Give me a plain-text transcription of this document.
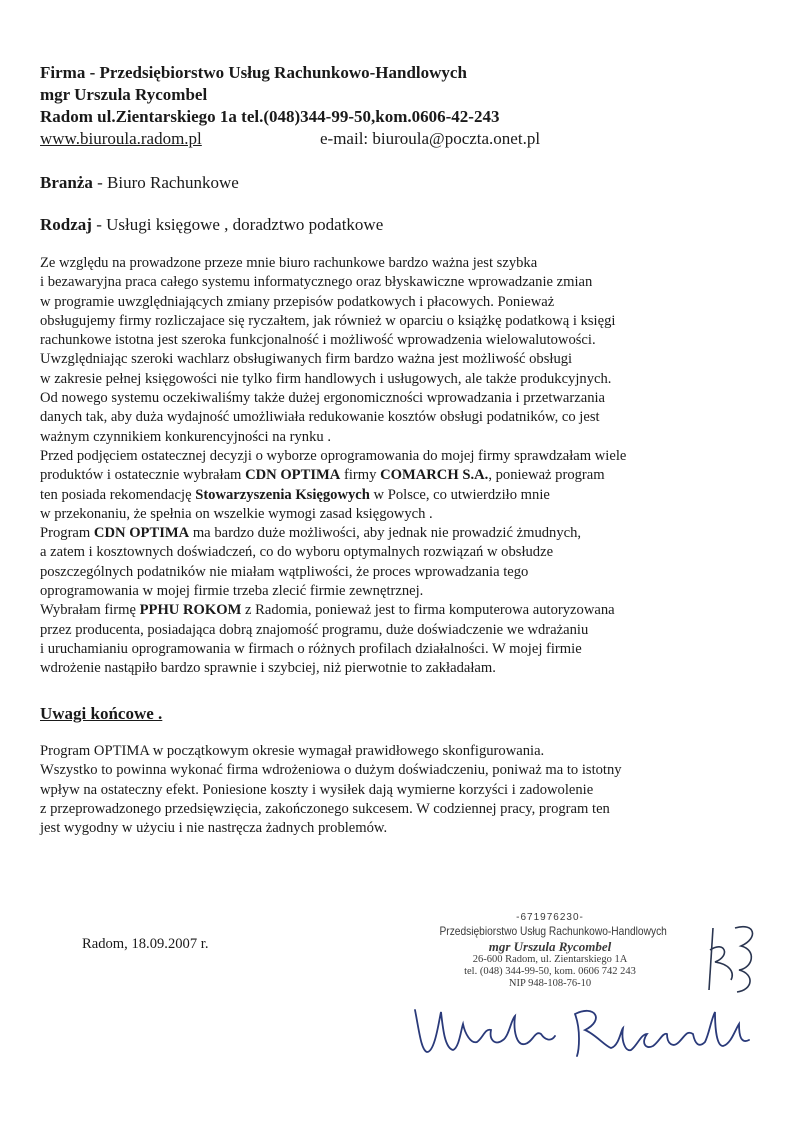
Firma - Przedsiębiorstwo Usług Rachunkowo-Handlowych
mgr Urszula Rycombel
Radom ul.Zientarskiego 1a tel.(048)344-99-50,kom.0606-42-243
www.biuroula.radom.pl	e-mail: biuroula@poczta.onet.pl
Branża - Biuro Rachunkowe
Rodzaj - Usługi księgowe , doradztwo podatkowe
Ze względu na prowadzone przeze mnie biuro rachunkowe bardzo ważna jest szybka
i bezawaryjna praca całego systemu informatycznego oraz błyskawiczne wprowadzanie zmian
w programie uwzględniających zmiany przepisów podatkowych i płacowych. Ponieważ
obsługujemy firmy rozliczajace się ryczałtem, jak również w oparciu o książkę podatkową i księgi
rachunkowe istotna jest szeroka funkcjonalność i możliwość wprowadzenia wielowalutowości.
Uwzględniając szeroki wachlarz obsługiwanych firm bardzo ważna jest możliwość obsługi
w zakresie pełnej księgowości nie tylko firm handlowych i usługowych, ale także produkcyjnych.
Od nowego systemu oczekiwaliśmy także dużej ergonomiczności wprowadzania i przetwarzania
danych tak, aby duża wydajność umożliwiała redukowanie kosztów obsługi podatników, co jest
ważnym czynnikiem konkurencyjności na rynku .
Przed podjęciem ostatecznej decyzji o wyborze oprogramowania do mojej firmy sprawdzałam wiele
produktów i ostatecznie wybrałam CDN OPTIMA firmy COMARCH S.A., ponieważ program
ten posiada rekomendację Stowarzyszenia Księgowych w Polsce, co utwierdziło mnie
w przekonaniu, że spełnia on wszelkie wymogi zasad księgowych .
Program CDN OPTIMA ma bardzo duże możliwości, aby jednak nie prowadzić żmudnych,
a zatem i kosztownych doświadczeń, co do wyboru optymalnych rozwiązań w obsłudze
poszczególnych podatników nie miałam wątpliwości, że proces wprowadzania tego
oprogramowania w mojej firmie trzeba zlecić firmie zewnętrznej.
Wybrałam firmę PPHU ROKOM z Radomia, ponieważ jest to firma komputerowa autoryzowana
przez producenta, posiadająca dobrą znajomość programu, duże doświadczenie we wdrażaniu
i uruchamianiu oprogramowania w firmach o różnych profilach działalności. W mojej firmie
wdrożenie nastąpiło bardzo sprawnie i szybciej, niż pierwotnie to zakładałam.
Uwagi końcowe .
Program OPTIMA w początkowym okresie wymagał prawidłowego skonfigurowania.
Wszystko to powinna wykonać firma wdrożeniowa o dużym doświadczeniu, poniważ ma to istotny
wpływ na ostateczny efekt. Poniesione koszty i wysiłek dają wymierne korzyści i zadowolenie
z przeprowadzonego przedsięwzięcia, zakończonego sukcesem. W codziennej pracy, program ten
jest wygodny w użyciu i nie nastręcza żadnych problemów.
Radom, 18.09.2007 r.
-671976230-
Przedsiębiorstwo Usług Rachunkowo-Handlowych
mgr Urszula Rycombel
26-600 Radom, ul. Zientarskiego 1A
tel. (048) 344-99-50, kom. 0606 742 243
NIP 948-108-76-10
